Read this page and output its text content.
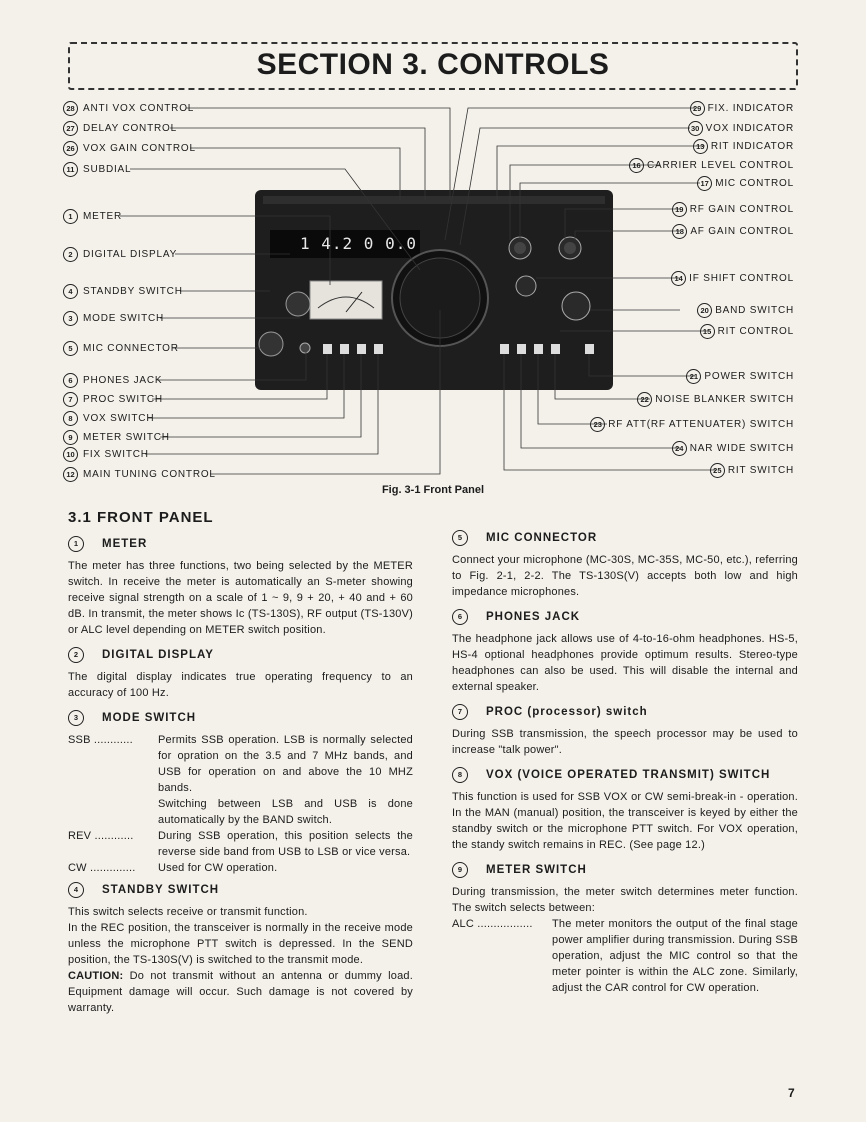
SECTION 3. CONTROLS
1 4.2 0 0.0
28 ANTI VOX CONTROL
27 DELAY CONTROL
26 VOX GAIN CONTROL
11 SUBDIAL
1 METER
2 DIGITAL DISPLAY
4 STANDBY SWITCH
3 MODE SWITCH
5 MIC CONNECTOR
6 PHONES JACK
7 PROC SWITCH
8 VOX SWITCH
9 METER SWITCH
10 FIX SWITCH
12 MAIN TUNING CONTROL
29 FIX. INDICATOR
30 VOX INDICATOR
13 RIT INDICATOR
16 CARRIER LEVEL CONTROL
17 MIC CONTROL
19 RF GAIN CONTROL
18 AF GAIN CONTROL
14 IF SHIFT CONTROL
20 BAND SWITCH
15 RIT CONTROL
21 POWER SWITCH
22 NOISE BLANKER SWITCH
23 RF ATT(RF ATTENUATER) SWITCH
24 NAR WIDE SWITCH
25 RIT SWITCH
Fig. 3-1 Front Panel
3.1 FRONT PANEL
1	METER

The meter has three functions, two being selected by the METER switch. In receive the meter is automatically an S-meter showing receive signal strength on a scale of 1 ~ 9, 9 + 20, + 40 and + 60 dB. In transmit, the meter shows Ic (TS-130S), RF output (TS-130V) or ALC level depending on METER switch position.

2	DIGITAL DISPLAY

The digital display indicates true operating frequency to an accuracy of 100 Hz.

3	MODE SWITCH
SSB ............	Permits SSB operation. LSB is normally selected for opration on the 3.5 and 7 MHz bands, and USB for operation on and above the 10 MHZ bands.

Switching between LSB and USB is done automatically by the BAND switch.

REV ............	During SSB operation, this position selects the reverse side band from USB to LSB or vice versa.

CW ..............	Used for CW operation.

4	STANDBY SWITCH

This switch selects receive or transmit function.

In the REC position, the transceiver is normally in the receive mode unless the microphone PTT switch is depressed. In the SEND position, the TS-130S(V) is switched to the transmit mode.

CAUTION: Do not transmit without an antenna or dummy load. Equipment damage will occur. Such damage is not covered by warranty.

5	MIC CONNECTOR

Connect your microphone (MC-30S, MC-35S, MC-50, etc.), referring to Fig. 2-1, 2-2. The TS-130S(V) accepts both low and high impedance microphones.

6	PHONES JACK

The headphone jack allows use of 4-to-16-ohm headphones. HS-5, HS-4 optional headphones provide optimum results. Stereo-type headphones can also be used. This will disable the internal and external speaker.

7	PROC (processor) switch

During SSB transmission, the speech processor may be used to increase "talk power".

8	VOX (VOICE OPERATED TRANSMIT) SWITCH

This function is used for SSB VOX or CW semi-break-in - operation. In the MAN (manual) position, the transceiver is keyed by either the standby switch or the microphone PTT switch. For VOX operation, the standy switch remains in REC. (See page 12.)

9	METER SWITCH

During transmission, the meter switch determines meter function. The switch selects between:

ALC .................	The meter monitors the output of the final stage power amplifier during transmission. During SSB operation, adjust the MIC control so that the meter pointer is within the ALC zone. Similarly, adjust the CAR control for CW operation.

7
